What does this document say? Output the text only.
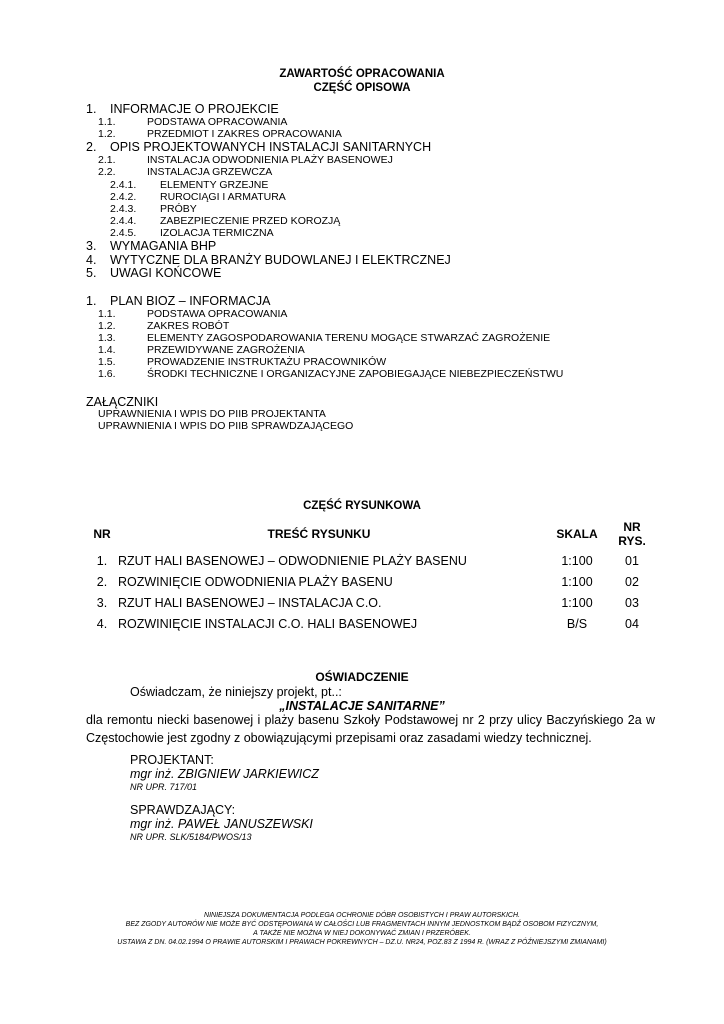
ZAWARTOŚĆ OPRACOWANIA
CZĘŚĆ OPISOWA
1. INFORMACJE O PROJEKCIE
1.1.	PODSTAWA OPRACOWANIA
1.2.	PRZEDMIOT I ZAKRES OPRACOWANIA
2. OPIS PROJEKTOWANYCH INSTALACJI SANITARNYCH
2.1.	INSTALACJA ODWODNIENIA PLAŻY BASENOWEJ
2.2.	INSTALACJA GRZEWCZA
2.4.1. ELEMENTY GRZEJNE
2.4.2. RUROCIĄGI I ARMATURA
2.4.3. PRÓBY
2.4.4. ZABEZPIECZENIE PRZED KOROZJĄ
2.4.5. IZOLACJA TERMICZNA
3. WYMAGANIA BHP
4. WYTYCZNE DLA BRANŻY BUDOWLANEJ I ELEKTRCZNEJ
5. UWAGI KOŃCOWE
1. PLAN BIOZ – INFORMACJA
1.1.	PODSTAWA OPRACOWANIA
1.2.	ZAKRES ROBÓT
1.3.	ELEMENTY ZAGOSPODAROWANIA TERENU MOGĄCE STWARZAĆ ZAGROŻENIE
1.4.	PRZEWIDYWANE ZAGROŻENIA
1.5.	PROWADZENIE INSTRUKTAŻU PRACOWNIKÓW
1.6.	ŚRODKI TECHNICZNE I ORGANIZACYJNE ZAPOBIEGAJĄCE NIEBEZPIECZEŃSTWU
ZAŁĄCZNIKI
UPRAWNIENIA I WPIS DO PIIB PROJEKTANTA
UPRAWNIENIA I WPIS DO PIIB SPRAWDZAJĄCEGO
CZĘŚĆ RYSUNKOWA
NR	TREŚĆ RYSUNKU	SKALA	NR
RYS.
1.	RZUT HALI BASENOWEJ – ODWODNIENIE PLAŻY BASENU	1:100	01
2.	ROZWINIĘCIE ODWODNIENIA PLAŻY BASENU	1:100	02
3.	RZUT HALI BASENOWEJ – INSTALACJA C.O.	1:100	03
4.	ROZWINIĘCIE INSTALACJI C.O. HALI BASENOWEJ	B/S	04
OŚWIADCZENIE
Oświadczam, że niniejszy projekt, pt..:
„INSTALACJE SANITARNE”
dla remontu niecki basenowej i plaży basenu Szkoły Podstawowej nr 2 przy ulicy Baczyńskiego 2a w Częstochowie jest zgodny z obowiązującymi przepisami oraz zasadami wiedzy technicznej.
PROJEKTANT:
mgr inż. ZBIGNIEW JARKIEWICZ
NR UPR. 717/01
SPRAWDZAJĄCY:
mgr inż. PAWEŁ JANUSZEWSKI
NR UPR. SLK/5184/PWOS/13
NINIEJSZA DOKUMENTACJA PODLEGA OCHRONIE DÓBR OSOBISTYCH I PRAW AUTORSKICH.
BEZ ZGODY AUTORÓW NIE MOŻE BYĆ ODSTĘPOWANA W CAŁOŚCI LUB FRAGMENTACH INNYM JEDNOSTKOM BĄDŹ OSOBOM FIZYCZNYM,
A TAKŻE NIE MOŻNA W NIEJ DOKONYWAĆ ZMIAN I PRZERÓBEK.
USTAWA Z DN. 04.02.1994 O PRAWIE AUTORSKIM I PRAWACH POKREWNYCH – DZ.U. NR24, POZ.83 Z 1994 R. (WRAZ Z PÓŹNIEJSZYMI ZMIANAMI)
